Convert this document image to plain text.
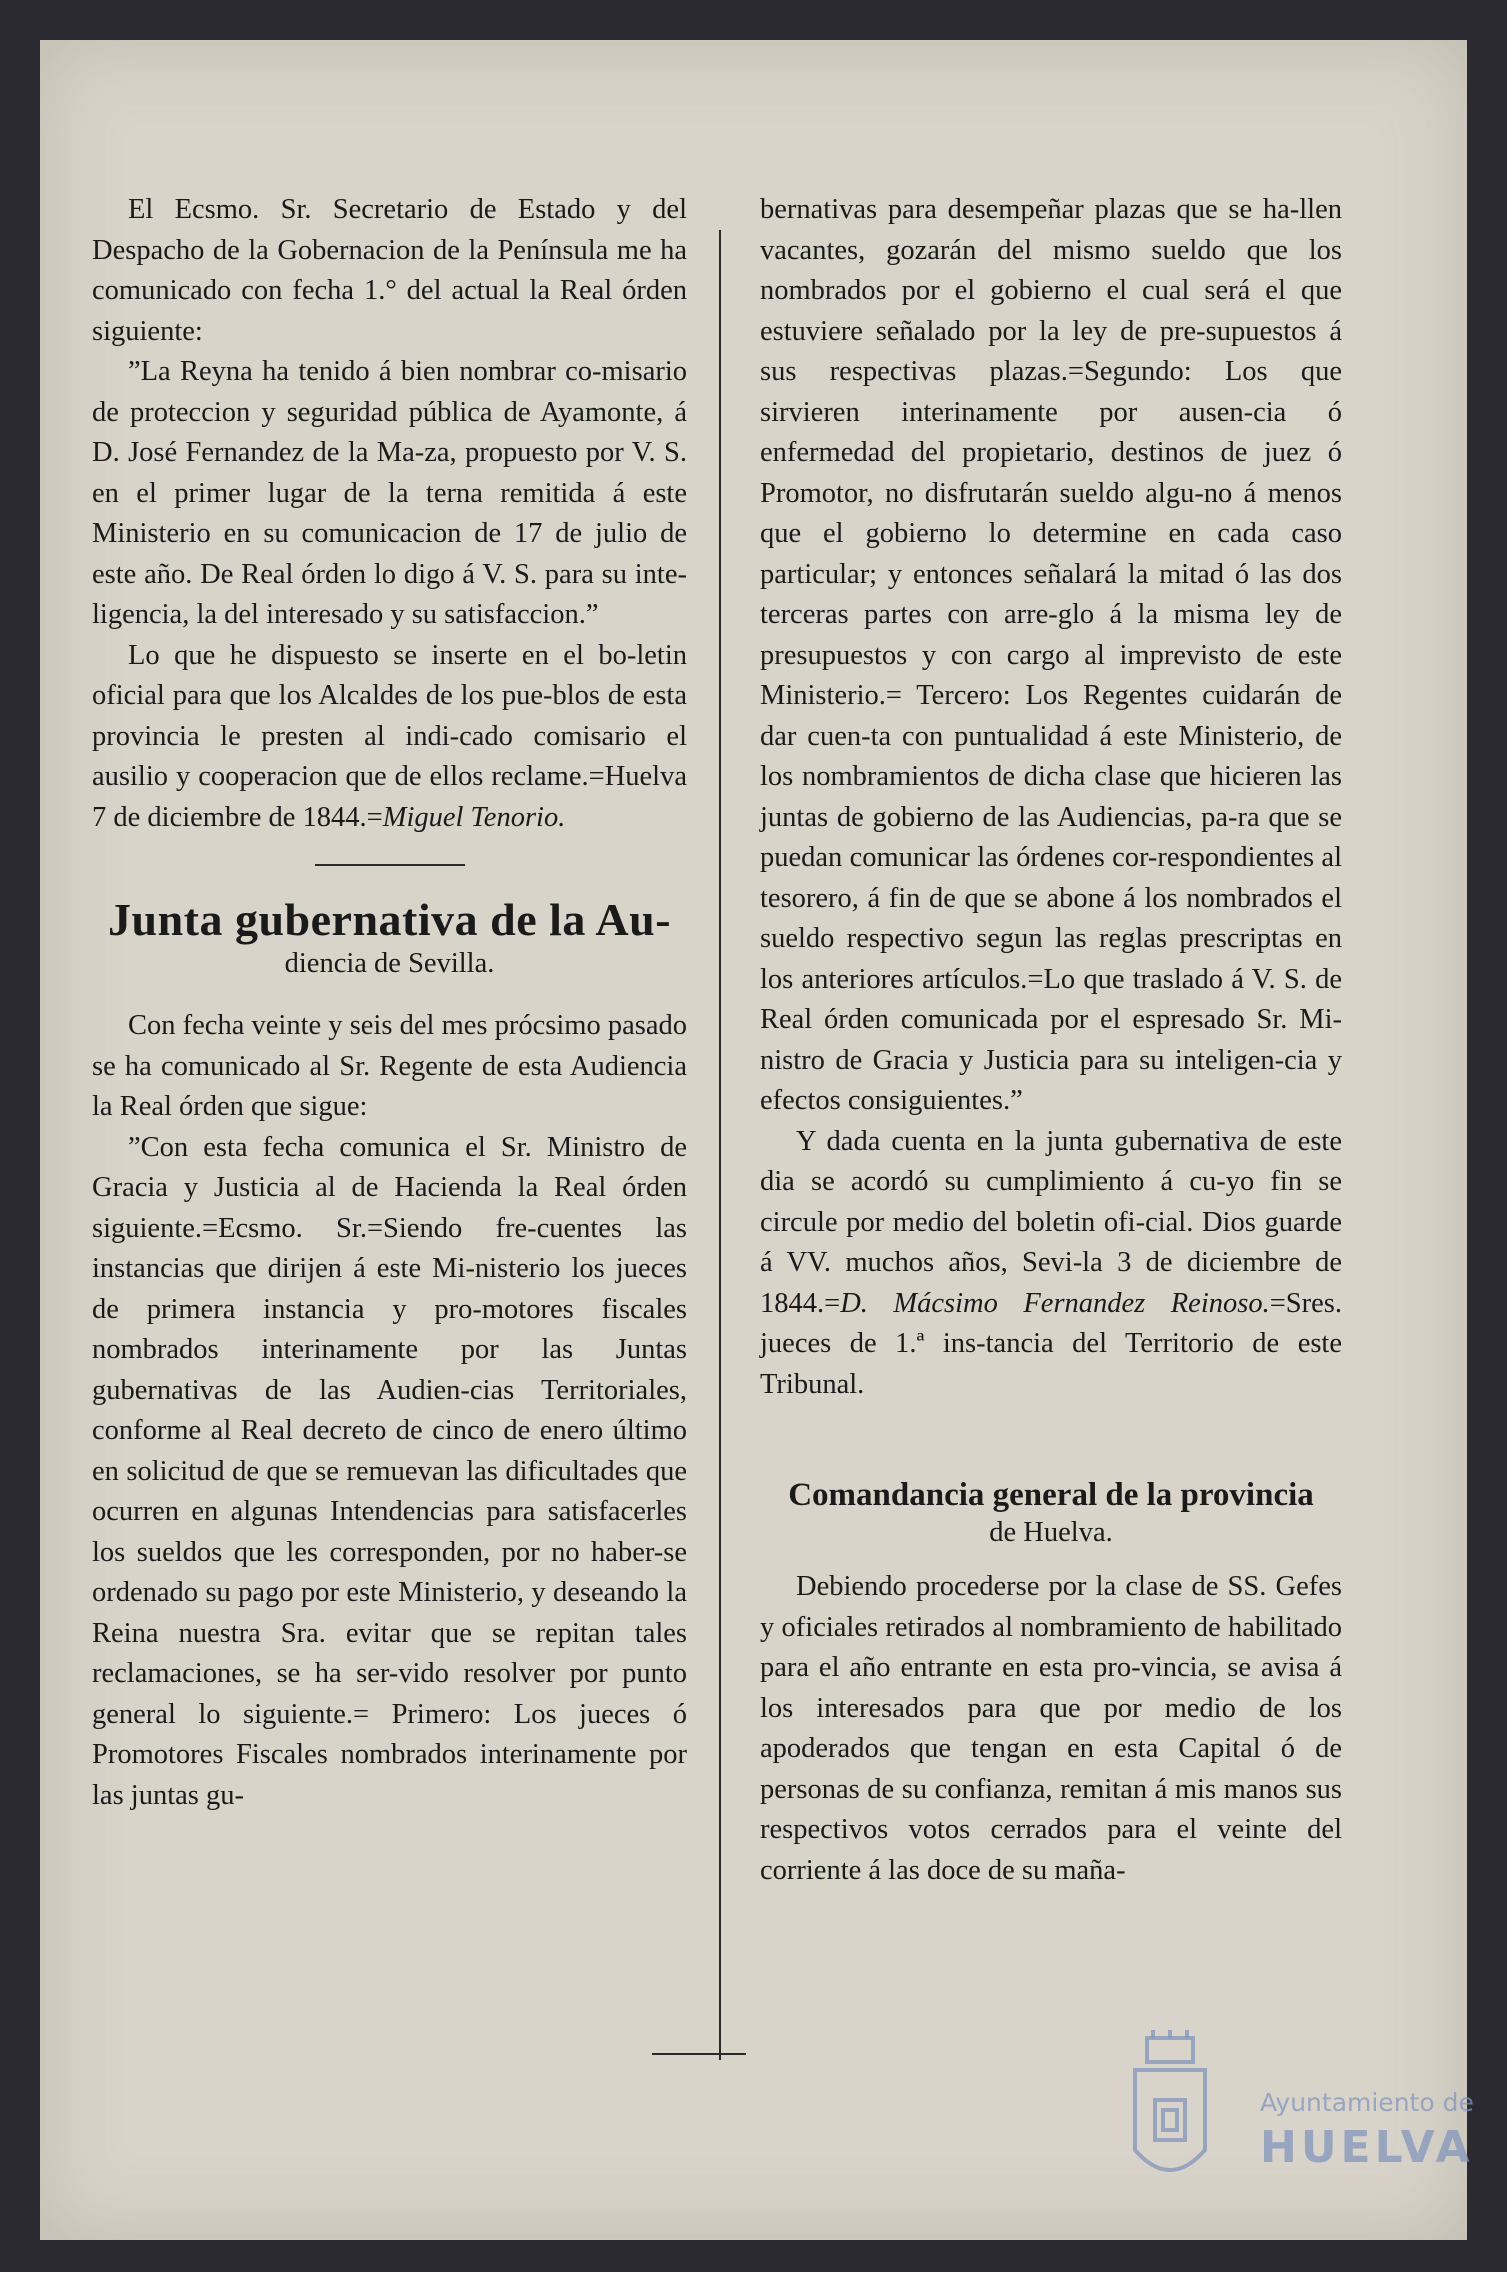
El Ecsmo. Sr. Secretario de Estado y del Despacho de la Gobernacion de la Península me ha comunicado con fecha 1.° del actual la Real órden siguiente:

”La Reyna ha tenido á bien nombrar co-misario de proteccion y seguridad pública de Ayamonte, á D. José Fernandez de la Ma-za, propuesto por V. S. en el primer lugar de la terna remitida á este Ministerio en su comunicacion de 17 de julio de este año. De Real órden lo digo á V. S. para su inte-ligencia, la del interesado y su satisfaccion.”

Lo que he dispuesto se inserte en el bo-letin oficial para que los Alcaldes de los pue-blos de esta provincia le presten al indi-cado comisario el ausilio y cooperacion que de ellos reclame.=Huelva 7 de diciembre de 1844.=Miguel Tenorio.

Junta gubernativa de la Au-
diencia de Sevilla.

Con fecha veinte y seis del mes prócsimo pasado se ha comunicado al Sr. Regente de esta Audiencia la Real órden que sigue:

”Con esta fecha comunica el Sr. Ministro de Gracia y Justicia al de Hacienda la Real órden siguiente.=Ecsmo. Sr.=Siendo fre-cuentes las instancias que dirijen á este Mi-nisterio los jueces de primera instancia y pro-motores fiscales nombrados interinamente por las Juntas gubernativas de las Audien-cias Territoriales, conforme al Real decreto de cinco de enero último en solicitud de que se remuevan las dificultades que ocurren en algunas Intendencias para satisfacerles los sueldos que les corresponden, por no haber-se ordenado su pago por este Ministerio, y deseando la Reina nuestra Sra. evitar que se repitan tales reclamaciones, se ha ser-vido resolver por punto general lo siguiente.= Primero: Los jueces ó Promotores Fiscales nombrados interinamente por las juntas gu-

bernativas para desempeñar plazas que se ha-llen vacantes, gozarán del mismo sueldo que los nombrados por el gobierno el cual será el que estuviere señalado por la ley de pre-supuestos á sus respectivas plazas.=Segundo: Los que sirvieren interinamente por ausen-cia ó enfermedad del propietario, destinos de juez ó Promotor, no disfrutarán sueldo algu-no á menos que el gobierno lo determine en cada caso particular; y entonces señalará la mitad ó las dos terceras partes con arre-glo á la misma ley de presupuestos y con cargo al imprevisto de este Ministerio.= Tercero: Los Regentes cuidarán de dar cuen-ta con puntualidad á este Ministerio, de los nombramientos de dicha clase que hicieren las juntas de gobierno de las Audiencias, pa-ra que se puedan comunicar las órdenes cor-respondientes al tesorero, á fin de que se abone á los nombrados el sueldo respectivo segun las reglas prescriptas en los anteriores artículos.=Lo que traslado á V. S. de Real órden comunicada por el espresado Sr. Mi-nistro de Gracia y Justicia para su inteligen-cia y efectos consiguientes.”

Y dada cuenta en la junta gubernativa de este dia se acordó su cumplimiento á cu-yo fin se circule por medio del boletin ofi-cial. Dios guarde á VV. muchos años, Sevi-la 3 de diciembre de 1844.=D. Mácsimo Fernandez Reinoso.=Sres. jueces de 1.ª ins-tancia del Territorio de este Tribunal.

Comandancia general de la provincia
de Huelva.

Debiendo procederse por la clase de SS. Gefes y oficiales retirados al nombramiento de habilitado para el año entrante en esta pro-vincia, se avisa á los interesados para que por medio de los apoderados que tengan en esta Capital ó de personas de su confianza, remitan á mis manos sus respectivos votos cerrados para el veinte del corriente á las doce de su maña-

Ayuntamiento de
HUELVA
